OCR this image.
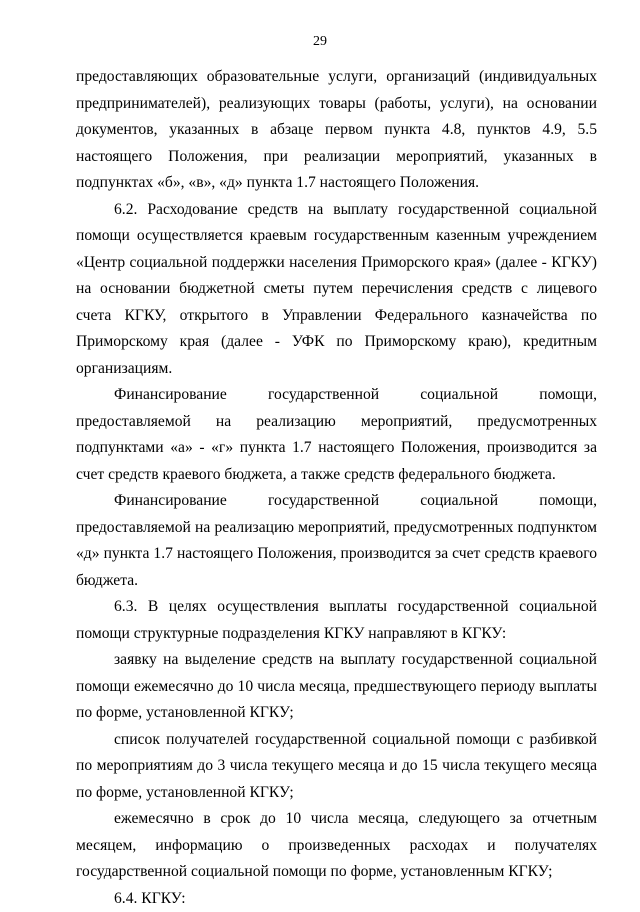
29

предоставляющих образовательные услуги, организаций (индивидуальных предпринимателей), реализующих товары (работы, услуги), на основании документов, указанных в абзаце первом пункта 4.8, пунктов 4.9, 5.5 настоящего Положения, при реализации мероприятий, указанных в подпунктах «б», «в», «д» пункта 1.7 настоящего Положения.

6.2. Расходование средств на выплату государственной социальной помощи осуществляется краевым государственным казенным учреждением «Центр социальной поддержки населения Приморского края» (далее - КГКУ) на основании бюджетной сметы путем перечисления средств с лицевого счета КГКУ, открытого в Управлении Федерального казначейства по Приморскому края (далее - УФК по Приморскому краю), кредитным организациям.

Финансирование государственной социальной помощи, предоставляемой на реализацию мероприятий, предусмотренных подпунктами «а» - «г» пункта 1.7 настоящего Положения, производится за счет средств краевого бюджета, а также средств федерального бюджета.

Финансирование государственной социальной помощи, предоставляемой на реализацию мероприятий, предусмотренных подпунктом «д» пункта 1.7 настоящего Положения, производится за счет средств краевого бюджета.

6.3. В целях осуществления выплаты государственной социальной помощи структурные подразделения КГКУ направляют в КГКУ:

заявку на выделение средств на выплату государственной социальной помощи ежемесячно до 10 числа месяца, предшествующего периоду выплаты по форме, установленной КГКУ;

список получателей государственной социальной помощи с разбивкой по мероприятиям до 3 числа текущего месяца и до 15 числа текущего месяца по форме, установленной КГКУ;

ежемесячно в срок до 10 числа месяца, следующего за отчетным месяцем, информацию о произведенных расходах и получателях государственной социальной помощи по форме, установленным КГКУ;

6.4. КГКУ:
